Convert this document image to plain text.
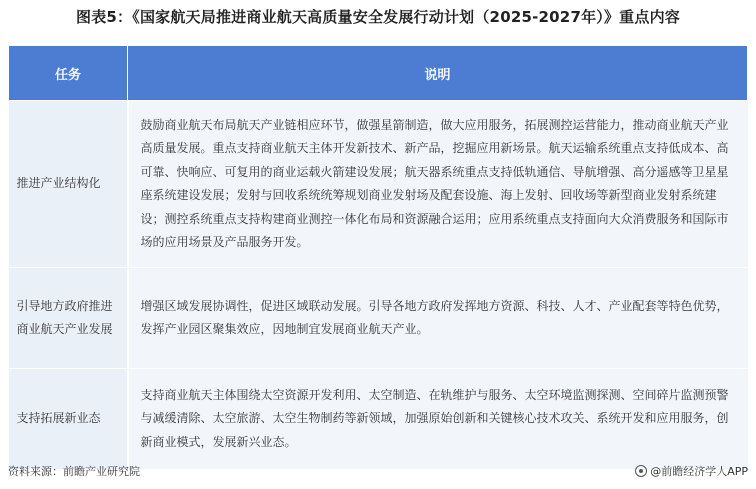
图表5：《国家航天局推进商业航天高质量安全发展行动计划（2025-2027年）》重点内容
任务	说明
推进产业结构化	鼓励商业航天布局航天产业链相应环节，做强星箭制造，做大应用服务，拓展测控运营能力，推动商业航天产业高质量发展。重点支持商业航天主体开发新技术、新产品，挖掘应用新场景。航天运输系统重点支持低成本、高可靠、快响应、可复用的商业运载火箭建设发展；航天器系统重点支持低轨通信、导航增强、高分遥感等卫星星座系统建设发展；发射与回收系统统筹规划商业发射场及配套设施、海上发射、回收场等新型商业发射系统建设；测控系统重点支持构建商业测控一体化布局和资源融合运用；应用系统重点支持面向大众消费服务和国际市场的应用场景及产品服务开发。
引导地方政府推进商业航天产业发展	增强区域发展协调性，促进区域联动发展。引导各地方政府发挥地方资源、科技、人才、产业配套等特色优势，发挥产业园区聚集效应，因地制宜发展商业航天产业。
支持拓展新业态	支持商业航天主体围绕太空资源开发利用、太空制造、在轨维护与服务、太空环境监测探测、空间碎片监测预警与减缓清除、太空旅游、太空生物制药等新领域，加强原始创新和关键核心技术攻关、系统开发和应用服务，创新商业模式，发展新兴业态。
资料来源：前瞻产业研究院	@前瞻经济学人APP
